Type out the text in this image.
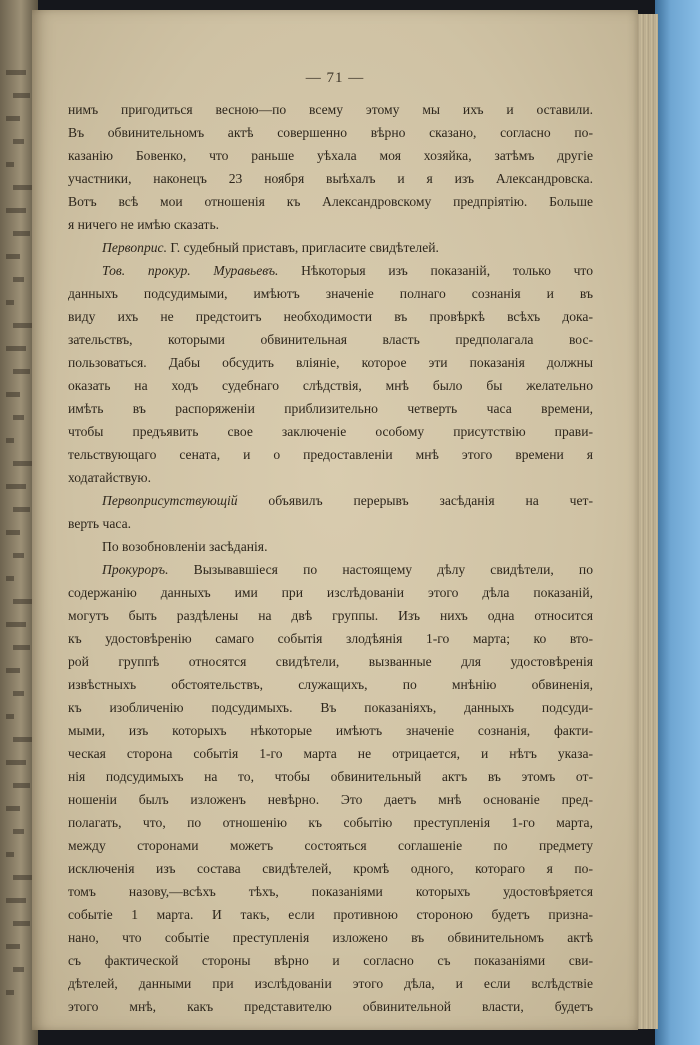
— 71 —
нимъ пригодиться весною—по всему этому мы ихъ и оставили.
Въ обвинительномъ актѣ совершенно вѣрно сказано, согласно по-
казанію Бовенко, что раньше уѣхала моя хозяйка, затѣмъ другіе
участники, наконецъ 23 ноября выѣхалъ и я изъ Александровска.
Вотъ всѣ мои отношенія къ Александровскому предпріятію. Больше
я ничего не имѣю сказать.
Первоприс. Г. судебный приставъ, пригласите свидѣтелей.
Тов. прокур. Муравьевъ. Нѣкоторыя изъ показаній, только что
данныхъ подсудимыми, имѣютъ значеніе полнаго сознанія и въ
виду ихъ не предстоитъ необходимости въ провѣркѣ всѣхъ дока-
зательствъ, которыми обвинительная власть предполагала вос-
пользоваться. Дабы обсудить вліяніе, которое эти показанія должны
оказать на ходъ судебнаго слѣдствія, мнѣ было бы желательно
имѣть въ распоряженіи приблизительно четверть часа времени,
чтобы предъявить свое заключеніе особому присутствію прави-
тельствующаго сената, и о предоставленіи мнѣ этого времени я
ходатайствую.
Первоприсутствующій объявилъ перерывъ засѣданія на чет-
верть часа.
По возобновленіи засѣданія.
Прокуроръ. Вызывавшіеся по настоящему дѣлу свидѣтели, по
содержанію данныхъ ими при изслѣдованіи этого дѣла показаній,
могутъ быть раздѣлены на двѣ группы. Изъ нихъ одна относится
къ удостовѣренію самаго событія злодѣянія 1-го марта; ко вто-
рой группѣ относятся свидѣтели, вызванные для удостовѣренія
извѣстныхъ обстоятельствъ, служащихъ, по мнѣнію обвиненія,
къ изобличенію подсудимыхъ. Въ показаніяхъ, данныхъ подсуди-
мыми, изъ которыхъ нѣкоторые имѣютъ значеніе сознанія, факти-
ческая сторона событія 1-го марта не отрицается, и нѣтъ указа-
нія подсудимыхъ на то, чтобы обвинительный актъ въ этомъ от-
ношеніи былъ изложенъ невѣрно. Это даетъ мнѣ основаніе пред-
полагать, что, по отношенію къ событію преступленія 1-го марта,
между сторонами можетъ состояться соглашеніе по предмету
исключенія изъ состава свидѣтелей, кромѣ одного, котораго я по-
томъ назову,—всѣхъ тѣхъ, показаніями которыхъ удостовѣряется
событіе 1 марта. И такъ, если противною стороною будетъ призна-
нано, что событіе преступленія изложено въ обвинительномъ актѣ
съ фактической стороны вѣрно и согласно съ показаніями сви-
дѣтелей, данными при изслѣдованіи этого дѣла, и если вслѣдствіе
этого мнѣ, какъ представителю обвинительной власти, будетъ
